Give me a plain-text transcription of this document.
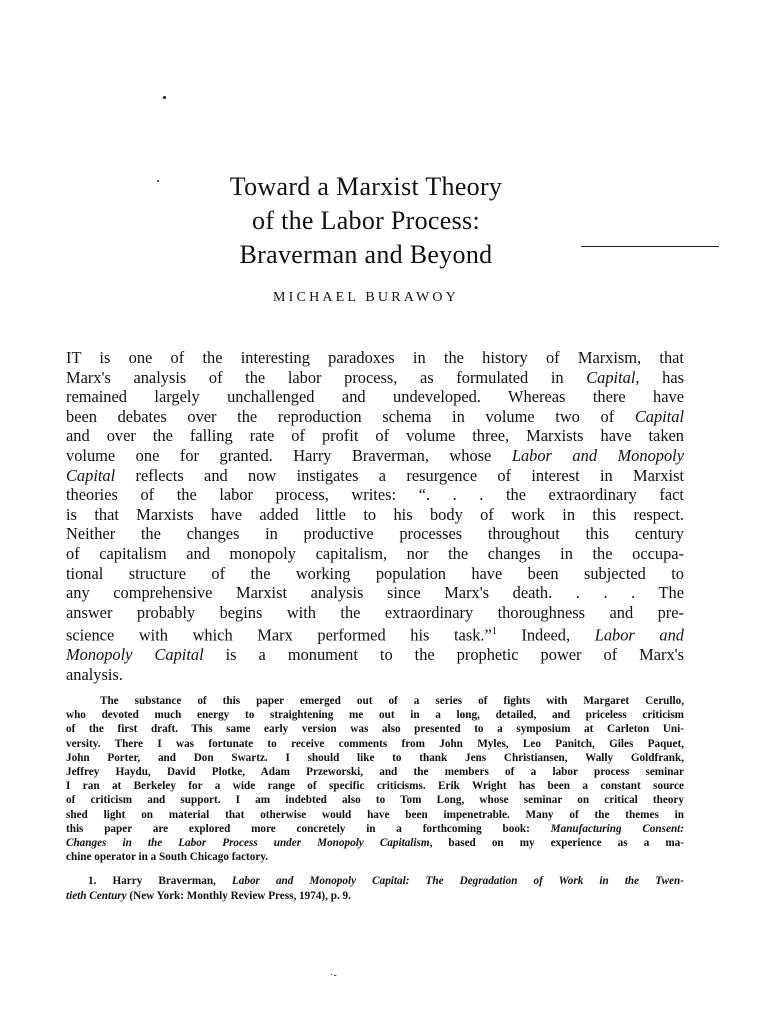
Toward a Marxist Theory
of the Labor Process:
Braverman and Beyond
MICHAEL BURAWOY
IT is one of the interesting paradoxes in the history of Marxism, that
Marx's analysis of the labor process, as formulated in Capital, has
remained largely unchallenged and undeveloped. Whereas there have
been debates over the reproduction schema in volume two of Capital
and over the falling rate of profit of volume three, Marxists have taken
volume one for granted. Harry Braverman, whose Labor and Monopoly
Capital reflects and now instigates a resurgence of interest in Marxist
theories of the labor process, writes: “. . . the extraordinary fact
is that Marxists have added little to his body of work in this respect.
Neither the changes in productive processes throughout this century
of capitalism and monopoly capitalism, nor the changes in the occupa-
tional structure of the working population have been subjected to
any comprehensive Marxist analysis since Marx's death. . . . The
answer probably begins with the extraordinary thoroughness and pre-
science with which Marx performed his task.”$^1$ Indeed, Labor and
Monopoly Capital is a monument to the prophetic power of Marx's
analysis.
The substance of this paper emerged out of a series of fights with Margaret Cerullo,
who devoted much energy to straightening me out in a long, detailed, and priceless criticism
of the first draft. This same early version was also presented to a symposium at Carleton Uni-
versity. There I was fortunate to receive comments from John Myles, Leo Panitch, Giles Paquet,
John Porter, and Don Swartz. I should like to thank Jens Christiansen, Wally Goldfrank,
Jeffrey Haydu, David Plotke, Adam Przeworski, and the members of a labor process seminar
I ran at Berkeley for a wide range of specific criticisms. Erik Wright has been a constant source
of criticism and support. I am indebted also to Tom Long, whose seminar on critical theory
shed light on material that otherwise would have been impenetrable. Many of the themes in
this paper are explored more concretely in a forthcoming book: Manufacturing Consent:
Changes in the Labor Process under Monopoly Capitalism, based on my experience as a ma-
chine operator in a South Chicago factory.
1. Harry Braverman, Labor and Monopoly Capital: The Degradation of Work in the Twen-
tieth Century (New York: Monthly Review Press, 1974), p. 9.
·-
